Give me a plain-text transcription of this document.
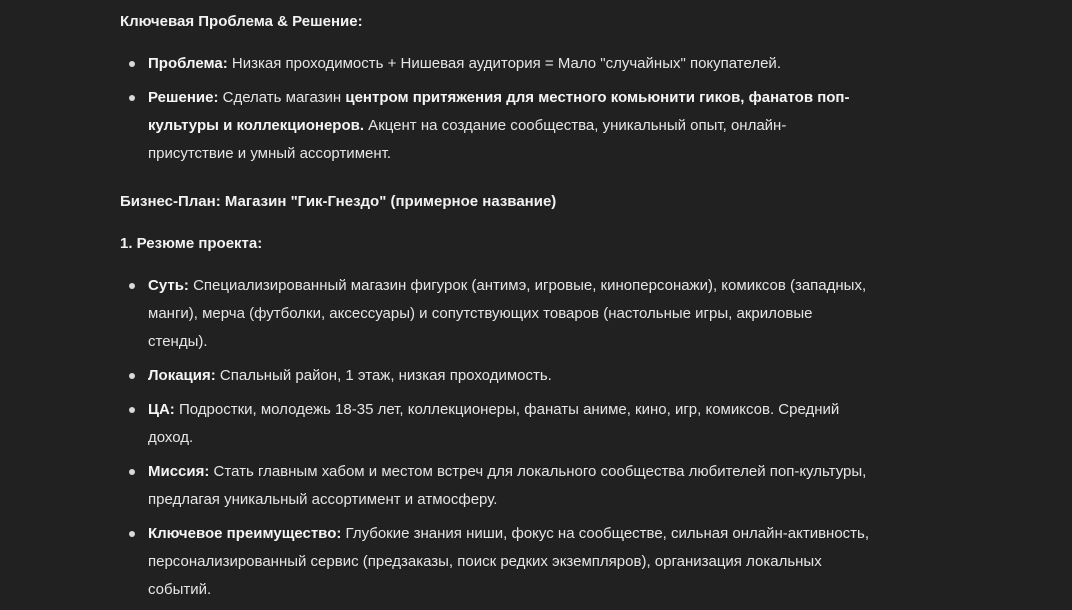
Ключевая Проблема & Решение:

Проблема: Низкая проходимость + Нишевая аудитория = Мало "случайных" покупателей.
Решение: Сделать магазин центром притяжения для местного комьюнити гиков, фанатов поп-культуры и коллекционеров. Акцент на создание сообщества, уникальный опыт, онлайн-присутствие и умный ассортимент.

Бизнес-План: Магазин "Гик-Гнездо" (примерное название)

1. Резюме проекта:

Суть: Специализированный магазин фигурок (антимэ, игровые, киноперсонажи), комиксов (западных, манги), мерча (футболки, аксессуары) и сопутствующих товаров (настольные игры, акриловые стенды).
Локация: Спальный район, 1 этаж, низкая проходимость.
ЦА: Подростки, молодежь 18-35 лет, коллекционеры, фанаты аниме, кино, игр, комиксов. Средний доход.
Миссия: Стать главным хабом и местом встреч для локального сообщества любителей поп-культуры, предлагая уникальный ассортимент и атмосферу.
Ключевое преимущество: Глубокие знания ниши, фокус на сообществе, сильная онлайн-активность, персонализированный сервис (предзаказы, поиск редких экземпляров), организация локальных событий.
